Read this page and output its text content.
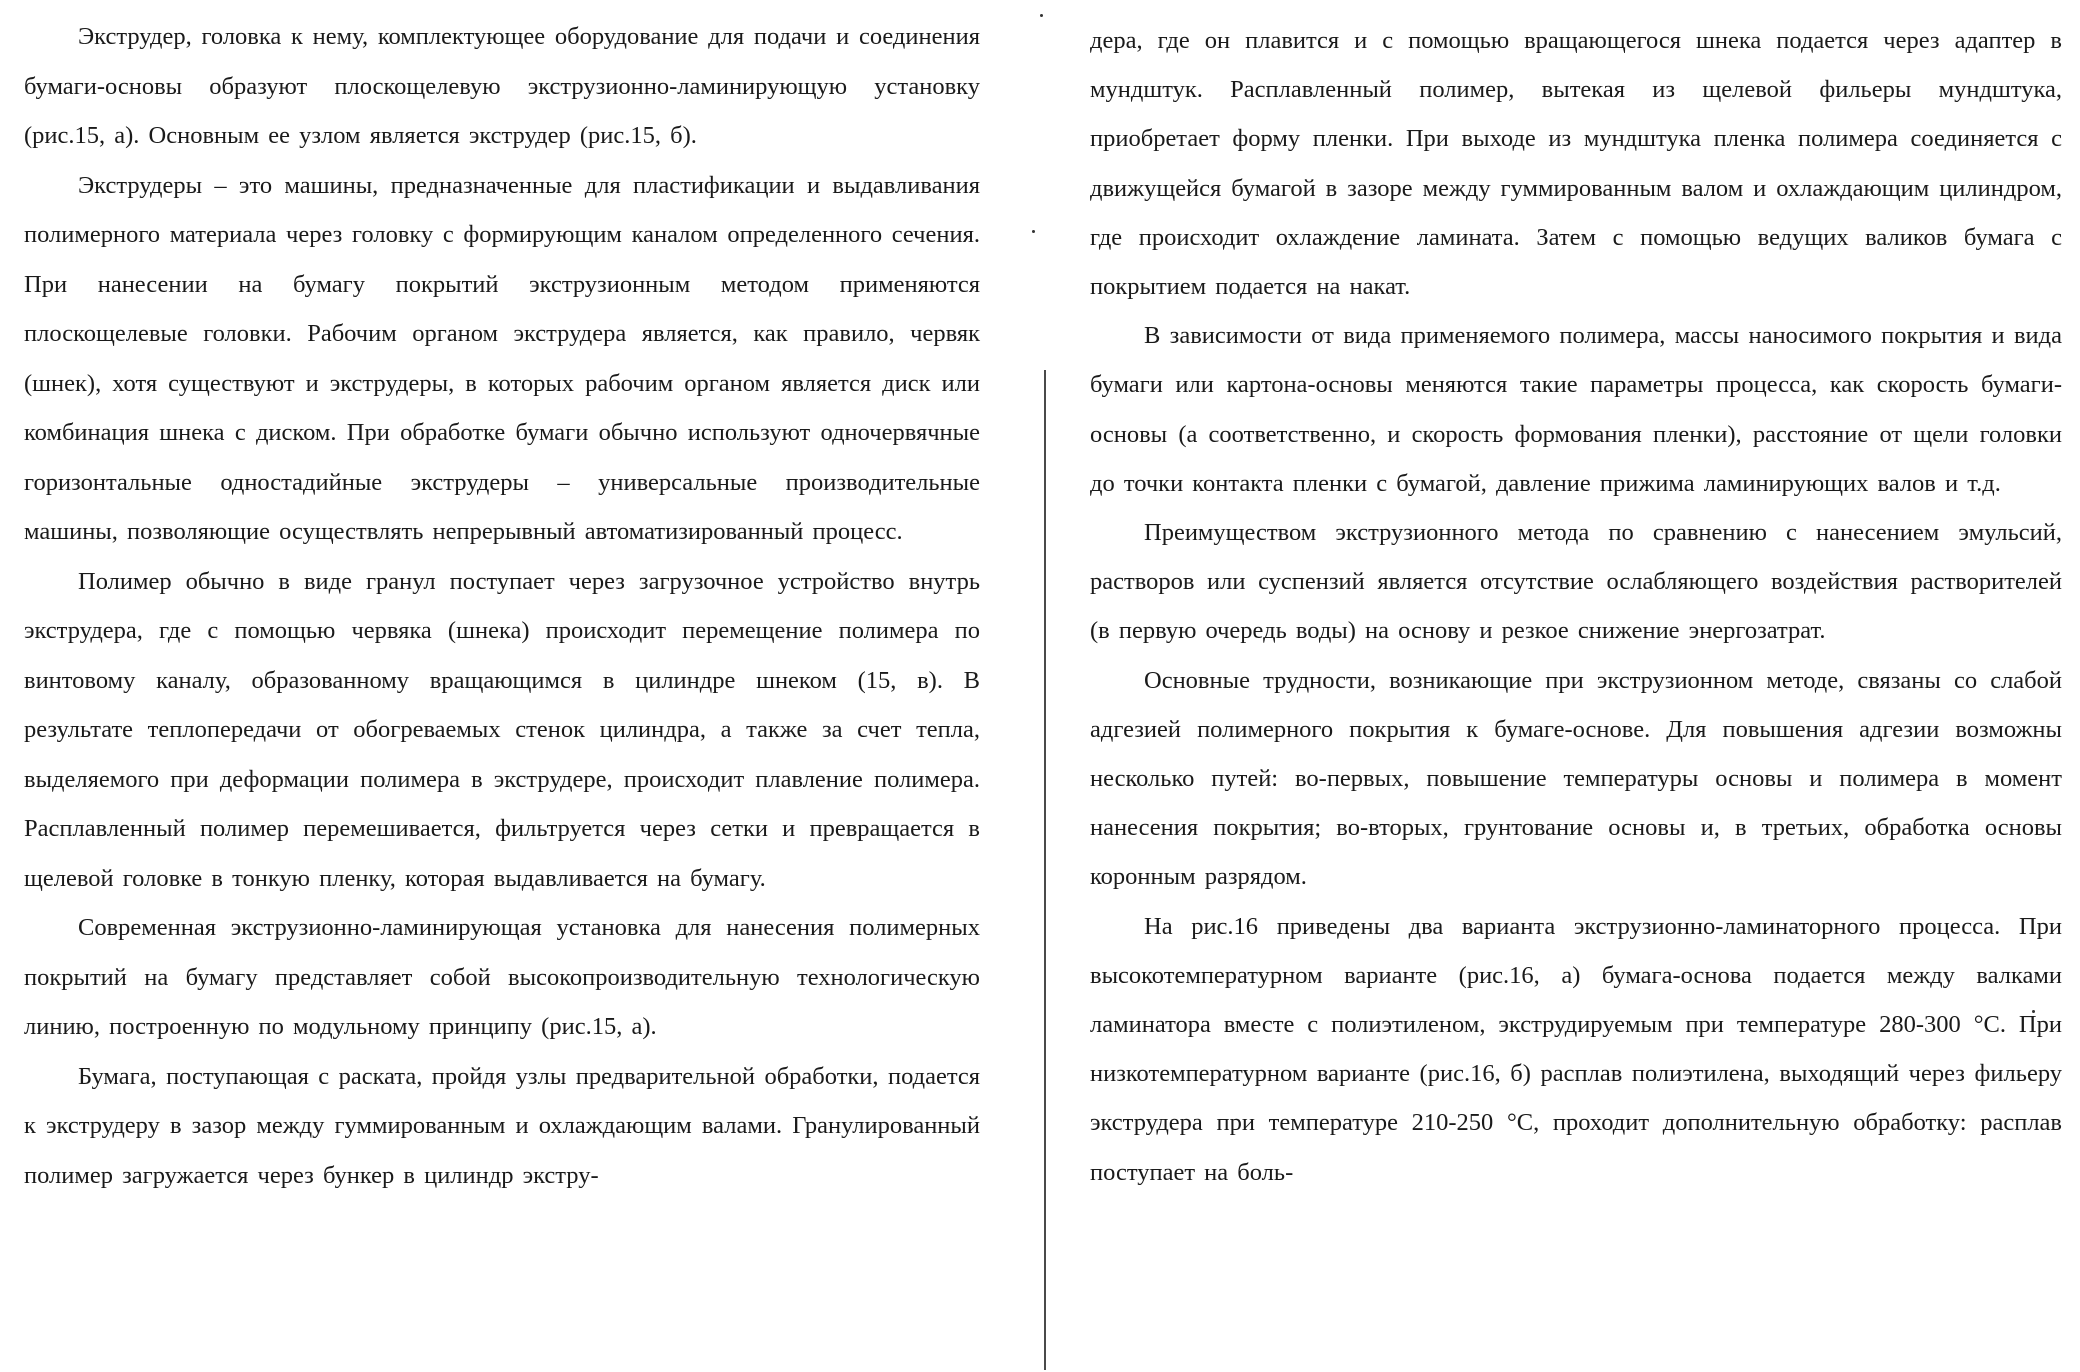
Экструдер, головка к нему, комплектующее оборудование для подачи и соединения бумаги-основы образуют плоскощелевую экструзионно-ламинирующую установку (рис.15, а). Основным ее узлом является экструдер (рис.15, б).

Экструдеры – это машины, предназначенные для пластификации и выдавливания полимерного материала через головку с формирующим каналом определенного сечения. При нанесении на бумагу покрытий экструзионным методом применяются плоскощелевые головки. Рабочим органом экструдера является, как правило, червяк (шнек), хотя существуют и экструдеры, в которых рабочим органом является диск или комбинация шнека с диском. При обработке бумаги обычно используют одночервячные горизонтальные одностадийные экструдеры – универсальные производительные машины, позволяющие осуществлять непрерывный автоматизированный процесс.

Полимер обычно в виде гранул поступает через загрузочное устройство внутрь экструдера, где с помощью червяка (шнека) происходит перемещение полимера по винтовому каналу, образованному вращающимся в цилиндре шнеком (15, в). В результате теплопередачи от обогреваемых стенок цилиндра, а также за счет тепла, выделяемого при деформации полимера в экструдере, происходит плавление полимера. Расплавленный полимер перемешивается, фильтруется через сетки и превращается в щелевой головке в тонкую пленку, которая выдавливается на бумагу.

Современная экструзионно-ламинирующая установка для нанесения полимерных покрытий на бумагу представляет собой высокопроизводительную технологическую линию, построенную по модульному принципу (рис.15, а).

Бумага, поступающая с раската, пройдя узлы предварительной обработки, подается к экструдеру в зазор между гуммированным и охлаждающим валами. Гранулированный полимер загружается через бункер в цилиндр экстру-

дера, где он плавится и с помощью вращающегося шнека подается через адаптер в мундштук. Расплавленный полимер, вытекая из щелевой фильеры мундштука, приобретает форму пленки. При выходе из мундштука пленка полимера соединяется с движущейся бумагой в зазоре между гуммированным валом и охлаждающим цилиндром, где происходит охлаждение ламината. Затем с помощью ведущих валиков бумага с покрытием подается на накат.

В зависимости от вида применяемого полимера, массы наносимого покрытия и вида бумаги или картона-основы меняются такие параметры процесса, как скорость бумаги-основы (а соответственно, и скорость формования пленки), расстояние от щели головки до точки контакта пленки с бумагой, давление прижима ламинирующих валов и т.д.

Преимуществом экструзионного метода по сравнению с нанесением эмульсий, растворов или суспензий является отсутствие ослабляющего воздействия растворителей (в первую очередь воды) на основу и резкое снижение энергозатрат.

Основные трудности, возникающие при экструзионном методе, связаны со слабой адгезией полимерного покрытия к бумаге-основе. Для повышения адгезии возможны несколько путей: во-первых, повышение температуры основы и полимера в момент нанесения покрытия; во-вторых, грунтование основы и, в третьих, обработка основы коронным разрядом.

На рис.16 приведены два варианта экструзионно-ламинаторного процесса. При высокотемпературном варианте (рис.16, а) бумага-основа подается между валками ламинатора вместе с полиэтиленом, экструдируемым при температуре 280-300 °С. При низкотемпературном варианте (рис.16, б) расплав полиэтилена, выходящий через фильеру экструдера при температуре 210-250 °С, проходит дополнительную обработку: расплав поступает на боль-
